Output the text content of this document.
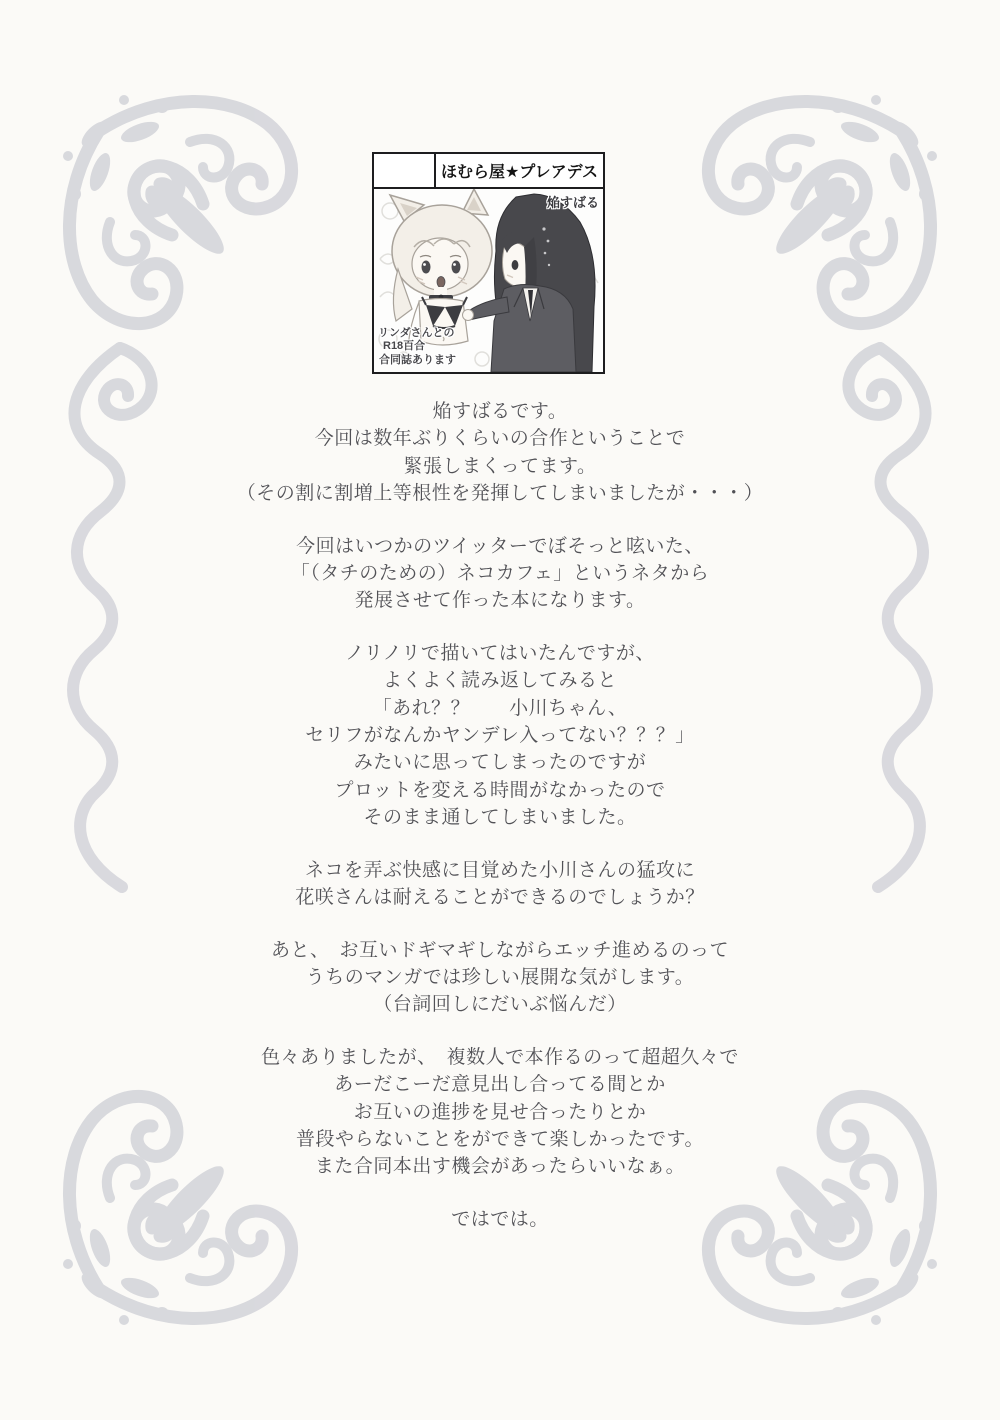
ほむら屋★プレアデス
焔すばる
リンダさんとの
R18百合
合同誌あります
焔すばるです。
今回は数年ぶりくらいの合作ということで
緊張しまくってます。
（その割に割増上等根性を発揮してしまいましたが・・・）
今回はいつかのツイッターでぼそっと呟いた、
「（タチのための）ネコカフェ」というネタから
発展させて作った本になります。
ノリノリで描いてはいたんですが、
よくよく読み返してみると
「あれ？？　　小川ちゃん、
セリフがなんかヤンデレ入ってない？？？」
みたいに思ってしまったのですが
プロットを変える時間がなかったので
そのまま通してしまいました。
ネコを弄ぶ快感に目覚めた小川さんの猛攻に
花咲さんは耐えることができるのでしょうか？
あと、　お互いドギマギしながらエッチ進めるのって
うちのマンガでは珍しい展開な気がします。
（台詞回しにだいぶ悩んだ）
色々ありましたが、　複数人で本作るのって超超久々で
あーだこーだ意見出し合ってる間とか
お互いの進捗を見せ合ったりとか
普段やらないことをができて楽しかったです。
また合同本出す機会があったらいいなぁ。
ではでは。
